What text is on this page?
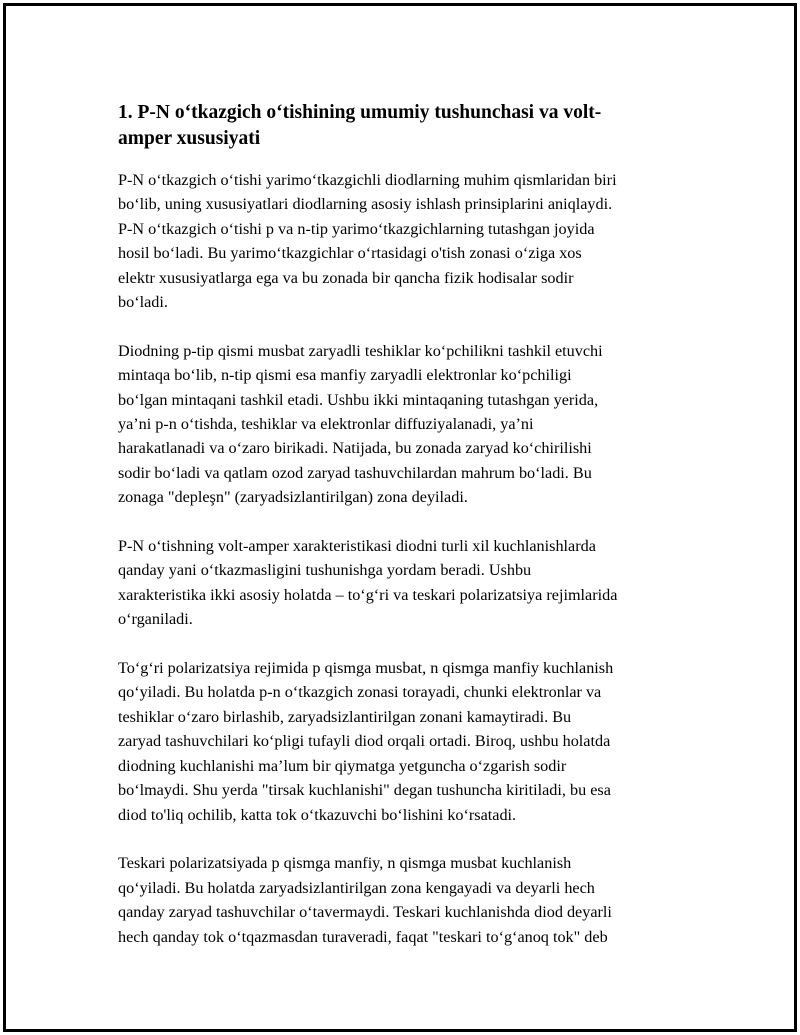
1. P-N oʻtkazgich oʻtishining umumiy tushunchasi va volt-
amper xususiyati
P-N oʻtkazgich oʻtishi yarimoʻtkazgichli diodlarning muhim qismlaridan biri
boʻlib, uning xususiyatlari diodlarning asosiy ishlash prinsiplarini aniqlaydi.
P-N oʻtkazgich oʻtishi p va n-tip yarimoʻtkazgichlarning tutashgan joyida
hosil boʻladi. Bu yarimoʻtkazgichlar oʻrtasidagi o'tish zonasi oʻziga xos
elektr xususiyatlarga ega va bu zonada bir qancha fizik hodisalar sodir
boʻladi.
Diodning p-tip qismi musbat zaryadli teshiklar koʻpchilikni tashkil etuvchi
mintaqa boʻlib, n-tip qismi esa manfiy zaryadli elektronlar koʻpchiligi
boʻlgan mintaqani tashkil etadi. Ushbu ikki mintaqaning tutashgan yerida,
yaʼni p-n oʻtishda, teshiklar va elektronlar diffuziyalanadi, yaʼni
harakatlanadi va oʻzaro birikadi. Natijada, bu zonada zaryad koʻchirilishi
sodir boʻladi va qatlam ozod zaryad tashuvchilardan mahrum boʻladi. Bu
zonaga "depleşn" (zaryadsizlantirilgan) zona deyiladi.
P-N oʻtishning volt-amper xarakteristikasi diodni turli xil kuchlanishlarda
qanday yani oʻtkazmasligini tushunishga yordam beradi. Ushbu
xarakteristika ikki asosiy holatda – toʻgʻri va teskari polarizatsiya rejimlarida
oʻrganiladi.
Toʻgʻri polarizatsiya rejimida p qismga musbat, n qismga manfiy kuchlanish
qoʻyiladi. Bu holatda p-n oʻtkazgich zonasi torayadi, chunki elektronlar va
teshiklar oʻzaro birlashib, zaryadsizlantirilgan zonani kamaytiradi. Bu
zaryad tashuvchilari koʻpligi tufayli diod orqali ortadi. Biroq, ushbu holatda
diodning kuchlanishi maʼlum bir qiymatga yetguncha oʻzgarish sodir
boʻlmaydi. Shu yerda "tirsak kuchlanishi" degan tushuncha kiritiladi, bu esa
diod to'liq ochilib, katta tok oʻtkazuvchi boʻlishini koʻrsatadi.
Teskari polarizatsiyada p qismga manfiy, n qismga musbat kuchlanish
qoʻyiladi. Bu holatda zaryadsizlantirilgan zona kengayadi va deyarli hech
qanday zaryad tashuvchilar oʻtavermaydi. Teskari kuchlanishda diod deyarli
hech qanday tok oʻtqazmasdan turaveradi, faqat "teskari toʻgʻanoq tok" deb
